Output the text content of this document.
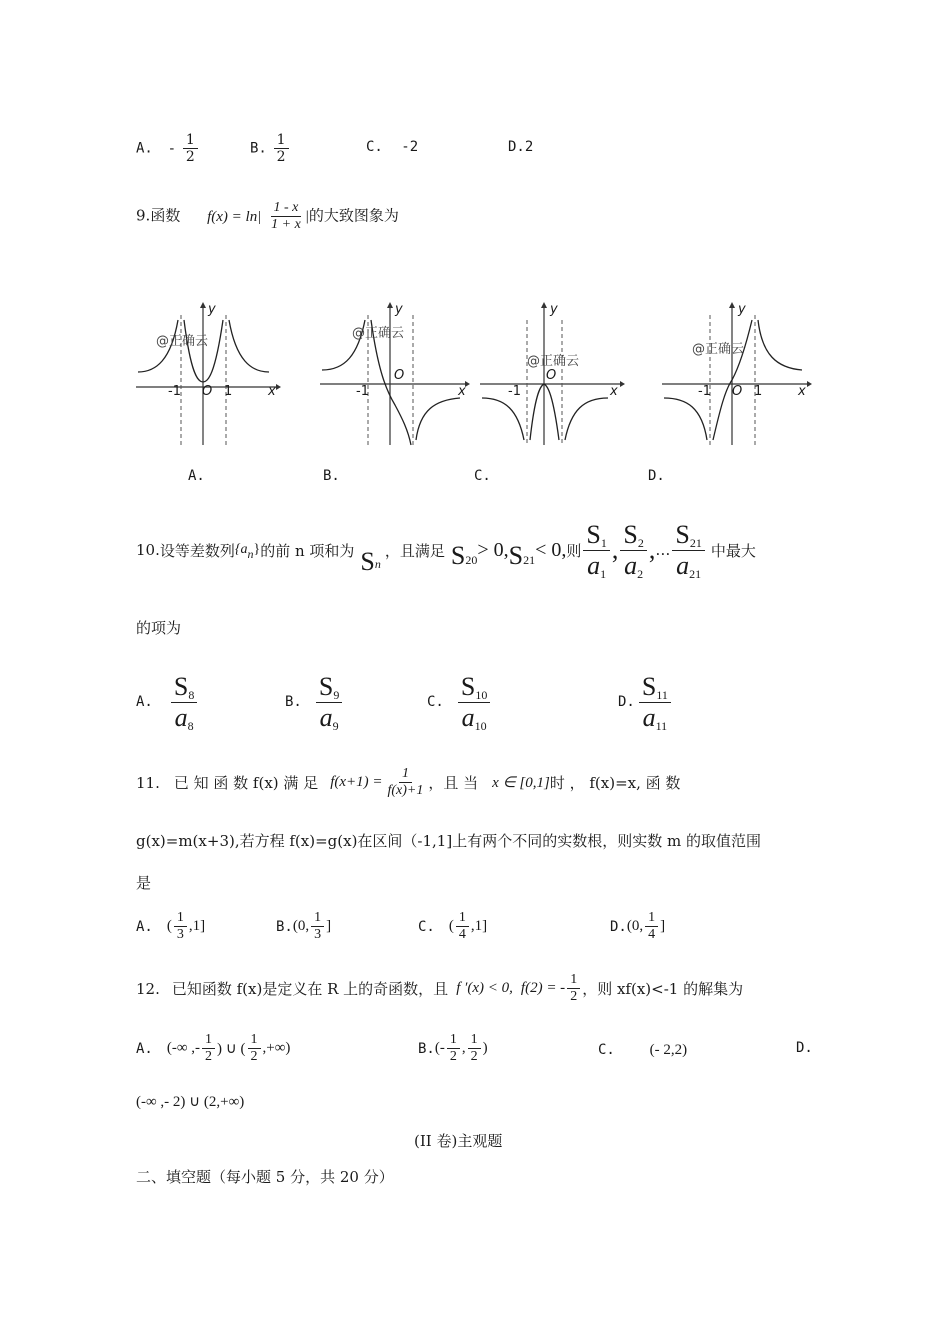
A. - $\frac{1}{2}$	B. $\frac{1}{2}$	C. -2	D.2
9.函数 $f(x) = \ln| \frac{1 - x}{1 + x}$ |的大致图象为
@正确云
y
x
O
-1	1
A.
@正确云
y
x
O
-1
B.
@正确云
y
x
O
-1
C.
@正确云
y
x
O
-1	1
D.
10. 设等差数列 {a n } 的前 n 项和为 S n
，且满足 S 20 > 0, S 21 < 0, 则 $\frac{S1}{a1}$ , $\frac{S2}{a2}$ , … $\frac{S21}{a21}$ 中最大
的项为
A. $\frac{S8}{a8}$	B. $\frac{S9}{a9}$	C. $\frac{S10}{a10}$	D. $\frac{S11}{a11}$
11. 已 知 函 数 f(x) 满 足 $f(x+1) = \frac{1}{f(x)+1}$ ，且 当 x ∈ [0,1] 时 ， f(x)=x, 函 数
g(x)=m(x+3),若方程 f(x)=g(x)在区间（-1,1]上有两个不同的实数根，则实数 m 的取值范围
是
A. ( $\frac{1}{3} ,1$]	B. (0, $\frac{1}{3}$ ]	C. ( $\frac{1}{4} ,1$]	D. (0, $\frac{1}{4}$ ]
12. 已知函数 f(x)是定义在 R 上的奇函数，且 f ′(x) < 0, f(2) = - $\frac{1}{2}$ ，则 xf(x)<-1 的解集为
A. (-∞ ,- $\frac{1}{2}$ ) ∪ ( $\frac{1}{2}$ ,+∞)	B. (- $\frac{1}{2}$ , $\frac{1}{2}$ )	C. (- 2,2)	D.
(-∞ ,- 2) ∪ (2,+∞)
(II 卷)主观题
二、填空题（每小题 5 分，共 20 分）
